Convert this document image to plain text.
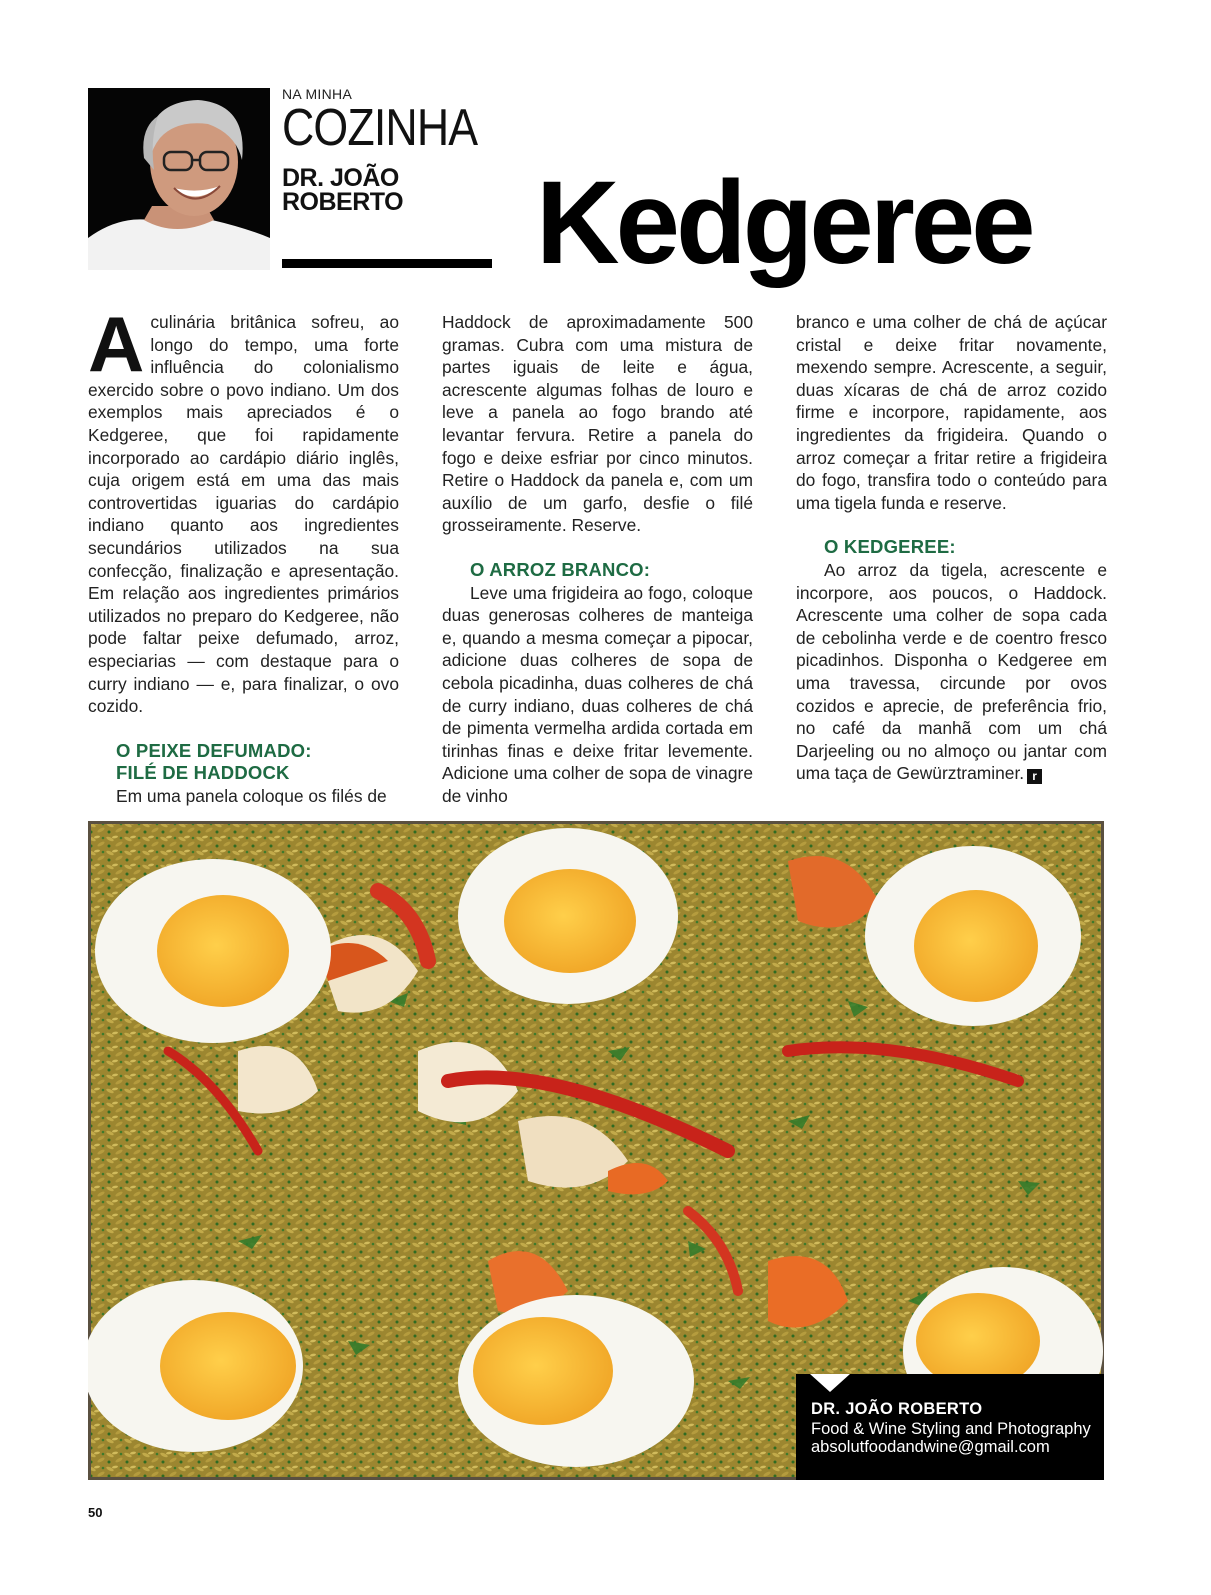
NA MINHA
COZINHA
DR. JOÃO
ROBERTO	Kedgeree

A culinária britânica sofreu, ao longo do tempo, uma forte influência do colonialismo exercido sobre o povo indiano. Um dos exemplos mais apreciados é o Kedgeree, que foi rapidamente incorporado ao cardápio diário inglês, cuja origem está em uma das mais controvertidas iguarias do cardápio indiano quanto aos ingredientes secundários utilizados na sua confecção, finalização e apresentação. Em relação aos ingredientes primários utilizados no preparo do Kedgeree, não pode faltar peixe defumado, arroz, especiarias — com destaque para o curry indiano — e, para finalizar, o ovo cozido.

O PEIXE DEFUMADO:
FILÉ DE HADDOCK

Em uma panela coloque os filés de

Haddock de aproximadamente 500 gramas. Cubra com uma mistura de partes iguais de leite e água, acrescente algumas folhas de louro e leve a panela ao fogo brando até levantar fervura. Retire a panela do fogo e deixe esfriar por cinco minutos. Retire o Haddock da panela e, com um auxílio de um garfo, desfie o filé grosseiramente. Reserve.

O ARROZ BRANCO:

Leve uma frigideira ao fogo, coloque duas generosas colheres de manteiga e, quando a mesma começar a pipocar, adicione duas colheres de sopa de cebola picadinha, duas colheres de chá de curry indiano, duas colheres de chá de pimenta vermelha ardida cortada em tirinhas finas e deixe fritar levemente. Adicione uma colher de sopa de vinagre de vinho

branco e uma colher de chá de açúcar cristal e deixe fritar novamente, mexendo sempre. Acrescente, a seguir, duas xícaras de chá de arroz cozido firme e incorpore, rapidamente, aos ingredientes da frigideira. Quando o arroz começar a fritar retire a frigideira do fogo, transfira todo o conteúdo para uma tigela funda e reserve.

O KEDGEREE:

Ao arroz da tigela, acrescente e incorpore, aos poucos, o Haddock. Acrescente uma colher de sopa cada de cebolinha verde e de coentro fresco picadinhos. Disponha o Kedgeree em uma travessa, circunde por ovos cozidos e aprecie, de preferência frio, no café da manhã com um chá Darjeeling ou no almoço ou jantar com uma taça de Gewürztraminer. r

DR. JOÃO ROBERTO
Food & Wine Styling and Photography
absolutfoodandwine@gmail.com
50
